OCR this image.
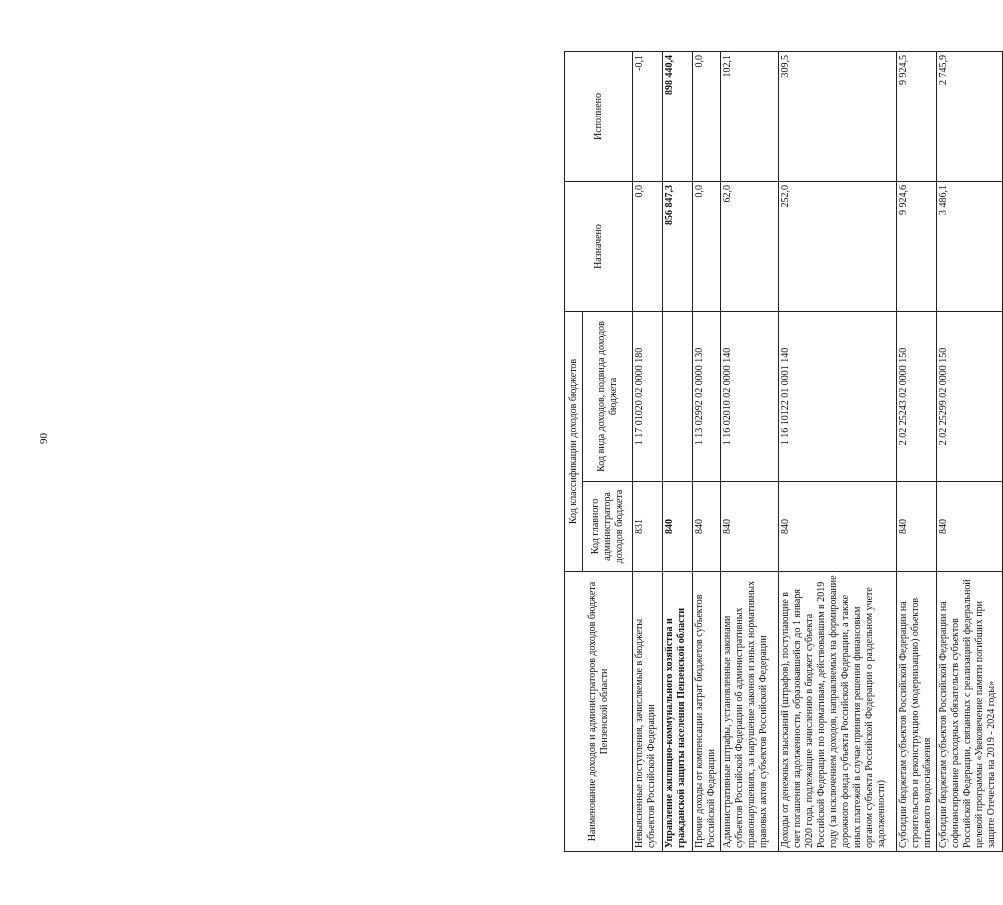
90
Наименование доходов и администраторов доходов бюджета Пензенской области	Код классификации доходов бюджетов		Назначено	Исполнено
	Код главного администратора доходов бюджета	Код вида доходов, подвида доходов бюджета		
Невыясненные поступления, зачисляемые в бюджеты субъектов Российской Федерации	831	1 17 01020 02 0000 180	0,0	-0,1
Управление жилищно-коммунального хозяйства и гражданской защиты населения Пензенской области	840		856 847,3	898 440,4
Прочие доходы от компенсации затрат бюджетов субъектов Российской Федерации	840	1 13 02992 02 0000 130	0,0	0,0
Административные штрафы, установленные законами субъектов Российской Федерации об административных правонарушениях, за нарушение законов и иных нормативных правовых актов субъектов Российской Федерации	840	1 16 02010 02 0000 140	62,0	102,1
Доходы от денежных взысканий (штрафов), поступающие в счет погашения задолженности, образовавшейся до 1 января 2020 года, подлежащие зачислению в бюджет субъекта Российской Федерации по нормативам, действовавшим в 2019 году (за исключением доходов, направляемых на формирование дорожного фонда субъекта Российской Федерации, а также иных платежей в случае принятия решения финансовым органом субъекта Российской Федерации о раздельном учете задолженности)	840	1 16 10122 01 0001 140	252,0	309,5
Субсидии бюджетам субъектов Российской Федерации на строительство и реконструкцию (модернизацию) объектов питьевого водоснабжения	840	2 02 25243 02 0000 150	9 924,6	9 924,5
Субсидии бюджетам субъектов Российской Федерации на софинансирование расходных обязательств субъектов Российской Федерации, связанных с реализацией федеральной целевой программы «Увековечение памяти погибших при защите Отечества на 2019 - 2024 годы»	840	2 02 25299 02 0000 150	3 486,1	2 745,9
